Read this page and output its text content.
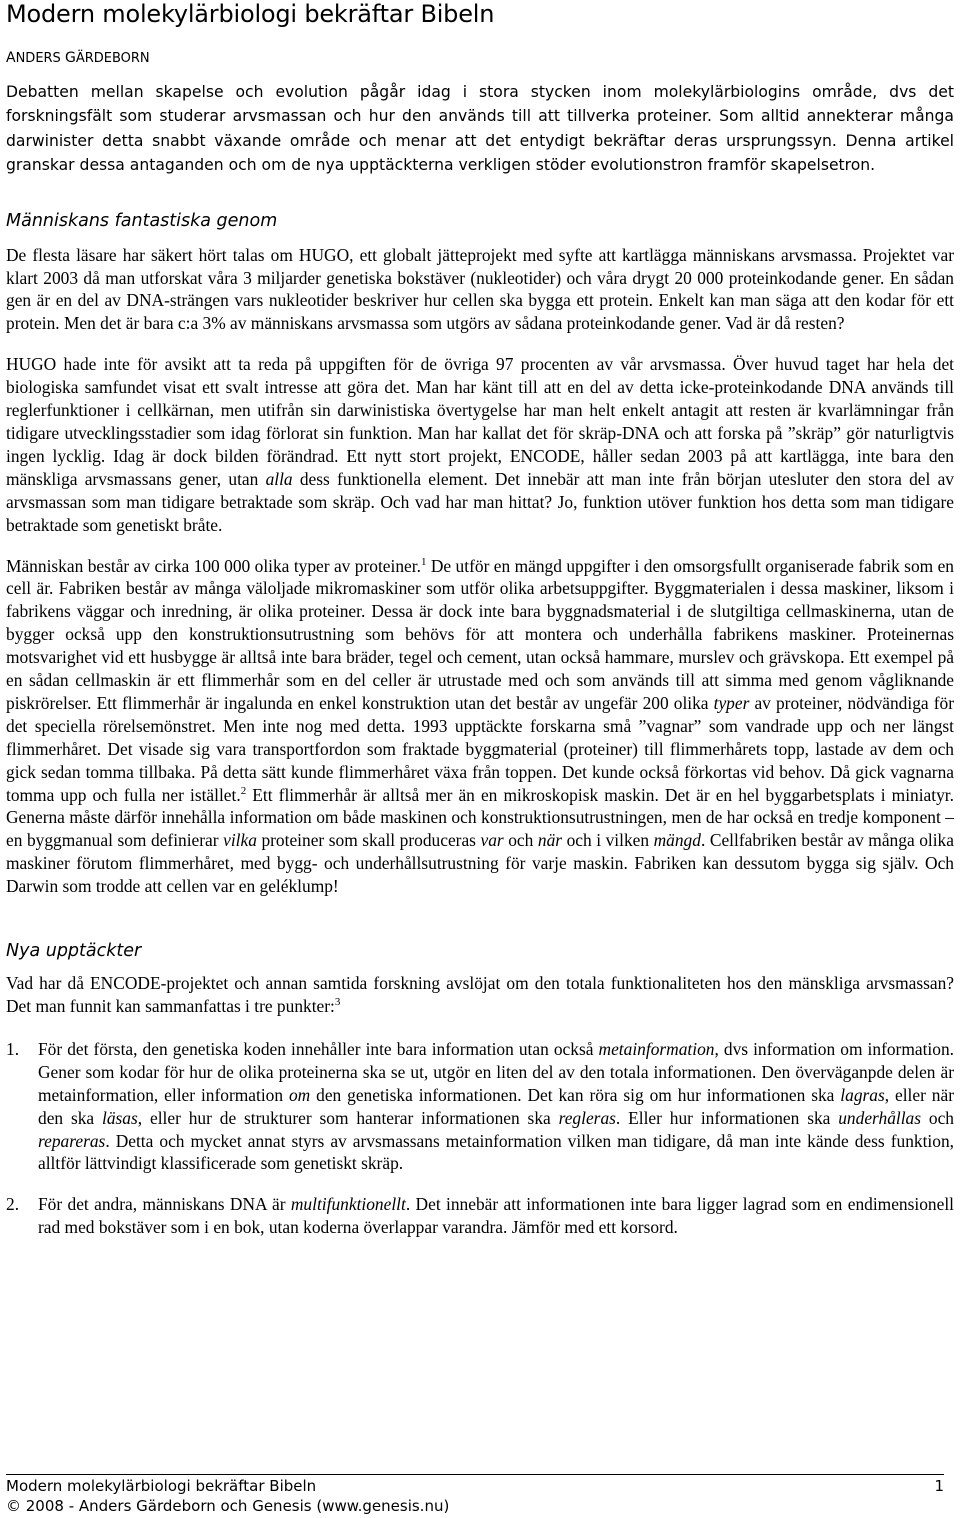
Modern molekylärbiologi bekräftar Bibeln
ANDERS GÄRDEBORN
Debatten mellan skapelse och evolution pågår idag i stora stycken inom molekylärbiologins område, dvs det forskningsfält som studerar arvsmassan och hur den används till att tillverka proteiner. Som alltid annekterar många darwinister detta snabbt växande område och menar att det entydigt bekräftar deras ursprungssyn. Denna artikel granskar dessa antaganden och om de nya upptäckterna verkligen stöder evolutionstron framför skapelsetron.
Människans fantastiska genom

De flesta läsare har säkert hört talas om HUGO, ett globalt jätteprojekt med syfte att kartlägga människans arvsmassa. Projektet var klart 2003 då man utforskat våra 3 miljarder genetiska bokstäver (nukleotider) och våra drygt 20 000 proteinkodande gener. En sådan gen är en del av DNA-strängen vars nukleotider beskriver hur cellen ska bygga ett protein. Enkelt kan man säga att den kodar för ett protein. Men det är bara c:a 3% av människans arvsmassa som utgörs av sådana proteinkodande gener. Vad är då resten?

HUGO hade inte för avsikt att ta reda på uppgiften för de övriga 97 procenten av vår arvsmassa. Över huvud taget har hela det biologiska samfundet visat ett svalt intresse att göra det. Man har känt till att en del av detta icke-proteinkodande DNA används till reglerfunktioner i cellkärnan, men utifrån sin darwinistiska övertygelse har man helt enkelt antagit att resten är kvarlämningar från tidigare utvecklingsstadier som idag förlorat sin funktion. Man har kallat det för skräp-DNA och att forska på ”skräp” gör naturligtvis ingen lycklig. Idag är dock bilden förändrad. Ett nytt stort projekt, ENCODE, håller sedan 2003 på att kartlägga, inte bara den mänskliga arvsmassans gener, utan alla dess funktionella element. Det innebär att man inte från början utesluter den stora del av arvsmassan som man tidigare betraktade som skräp. Och vad har man hittat? Jo, funktion utöver funktion hos detta som man tidigare betraktade som genetiskt bråte.

Människan består av cirka 100 000 olika typer av proteiner.$^1$ De utför en mängd uppgifter i den omsorgsfullt organiserade fabrik som en cell är. Fabriken består av många väloljade mikromaskiner som utför olika arbetsuppgifter. Byggmaterialen i dessa maskiner, liksom i fabrikens väggar och inredning, är olika proteiner. Dessa är dock inte bara byggnadsmaterial i de slutgiltiga cellmaskinerna, utan de bygger också upp den konstruktionsutrustning som behövs för att montera och underhålla fabrikens maskiner. Proteinernas motsvarighet vid ett husbygge är alltså inte bara bräder, tegel och cement, utan också hammare, murslev och grävskopa. Ett exempel på en sådan cellmaskin är ett flimmerhår som en del celler är utrustade med och som används till att simma med genom vågliknande piskrörelser. Ett flimmerhår är ingalunda en enkel konstruktion utan det består av ungefär 200 olika typer av proteiner, nödvändiga för det speciella rörelsemönstret. Men inte nog med detta. 1993 upptäckte forskarna små ”vagnar” som vandrade upp och ner längst flimmerhåret. Det visade sig vara transportfordon som fraktade byggmaterial (proteiner) till flimmerhårets topp, lastade av dem och gick sedan tomma tillbaka. På detta sätt kunde flimmerhåret växa från toppen. Det kunde också förkortas vid behov. Då gick vagnarna tomma upp och fulla ner istället.$^2$ Ett flimmerhår är alltså mer än en mikroskopisk maskin. Det är en hel byggarbetsplats i miniatyr. Generna måste därför innehålla information om både maskinen och konstruktionsutrustningen, men de har också en tredje komponent – en byggmanual som definierar vilka proteiner som skall produceras var och när och i vilken mängd. Cellfabriken består av många olika maskiner förutom flimmerhåret, med bygg- och underhållsutrustning för varje maskin. Fabriken kan dessutom bygga sig själv. Och Darwin som trodde att cellen var en geléklump!

Nya upptäckter

Vad har då ENCODE-projektet och annan samtida forskning avslöjat om den totala funktionaliteten hos den mänskliga arvsmassan? Det man funnit kan sammanfattas i tre punkter:$^3$

1.	För det första, den genetiska koden innehåller inte bara information utan också metainformation, dvs information om information. Gener som kodar för hur de olika proteinerna ska se ut, utgör en liten del av den totala informationen. Den överväganpde delen är metainformation, eller information om den genetiska informationen. Det kan röra sig om hur informationen ska lagras, eller när den ska läsas, eller hur de strukturer som hanterar informationen ska regleras. Eller hur informationen ska underhållas och repareras. Detta och mycket annat styrs av arvsmassans metainformation vilken man tidigare, då man inte kände dess funktion, alltför lättvindigt klassificerade som genetiskt skräp.
2.	För det andra, människans DNA är multifunktionellt. Det innebär att informationen inte bara ligger lagrad som en endimensionell rad med bokstäver som i en bok, utan koderna överlappar varandra. Jämför med ett korsord.
Modern molekylärbiologi bekräftar Bibeln	1
© 2008 - Anders Gärdeborn och Genesis (www.genesis.nu)
